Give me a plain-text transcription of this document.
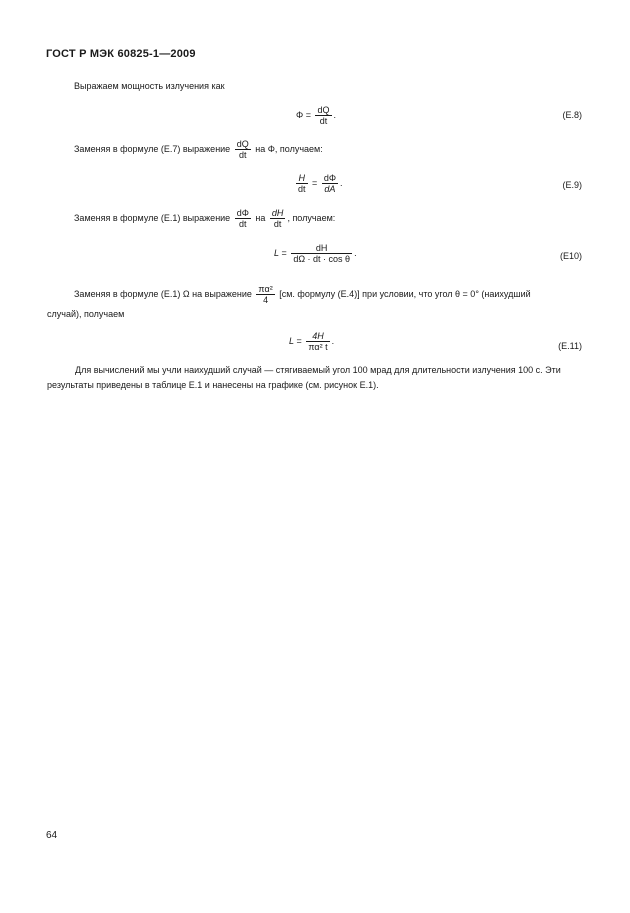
ГОСТ Р МЭК 60825-1—2009
Выражаем мощность излучения как
$\Phi = \frac{dQ}{dt}$ .	(E.8)
Заменяя в формуле (Е.7) выражение $\frac{dQ}{dt}$ на Φ, получаем:
$\frac{H}{dt} = \frac{d\Phi}{dA}$ .	(E.9)
Заменяя в формуле (Е.1) выражение $\frac{d\Phi}{dt}$ на $\frac{dH}{dt}$ , получаем:
$L = \frac{dH}{\text{dΩ · dt · cos θ}}$ .	(E10)
Заменяя в формуле (Е.1) Ω на выражение $\frac{\text{πα²}}{4} [см$. формулу (Е.4)] при условии, что угол θ = 0° (наихудший
случай), получаем
$L = \frac{4H}{\text{πα² t}}$ .
(E.11)
Для вычислений мы учли наихудший случай — стягиваемый угол 100 мрад для длительности излучения 100 с. Эти результаты приведены в таблице Е.1 и нанесены на графике (см. рисунок Е.1).
64
